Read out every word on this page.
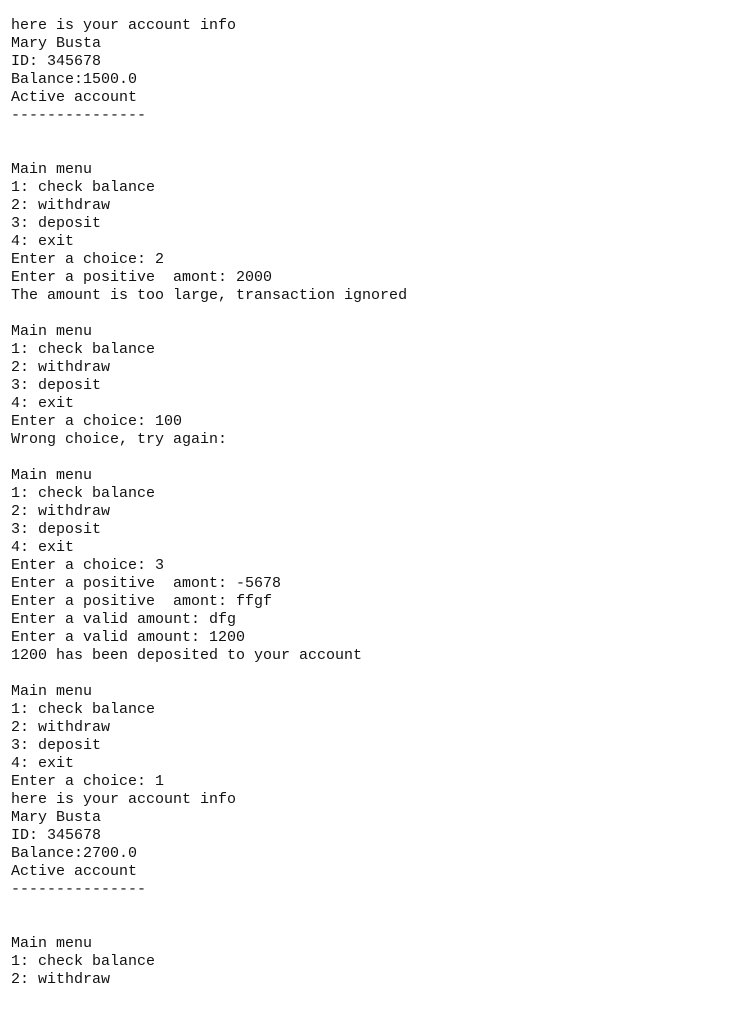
here is your account info
Mary Busta
ID: 345678
Balance:1500.0
Active account
---------------
Main menu
1: check balance
2: withdraw
3: deposit
4: exit
Enter a choice: 2
Enter a positive  amont: 2000
The amount is too large, transaction ignored
Main menu
1: check balance
2: withdraw
3: deposit
4: exit
Enter a choice: 100
Wrong choice, try again:
Main menu
1: check balance
2: withdraw
3: deposit
4: exit
Enter a choice: 3
Enter a positive  amont: -5678
Enter a positive  amont: ffgf
Enter a valid amount: dfg
Enter a valid amount: 1200
1200 has been deposited to your account
Main menu
1: check balance
2: withdraw
3: deposit
4: exit
Enter a choice: 1
here is your account info
Mary Busta
ID: 345678
Balance:2700.0
Active account
---------------
Main menu
1: check balance
2: withdraw
